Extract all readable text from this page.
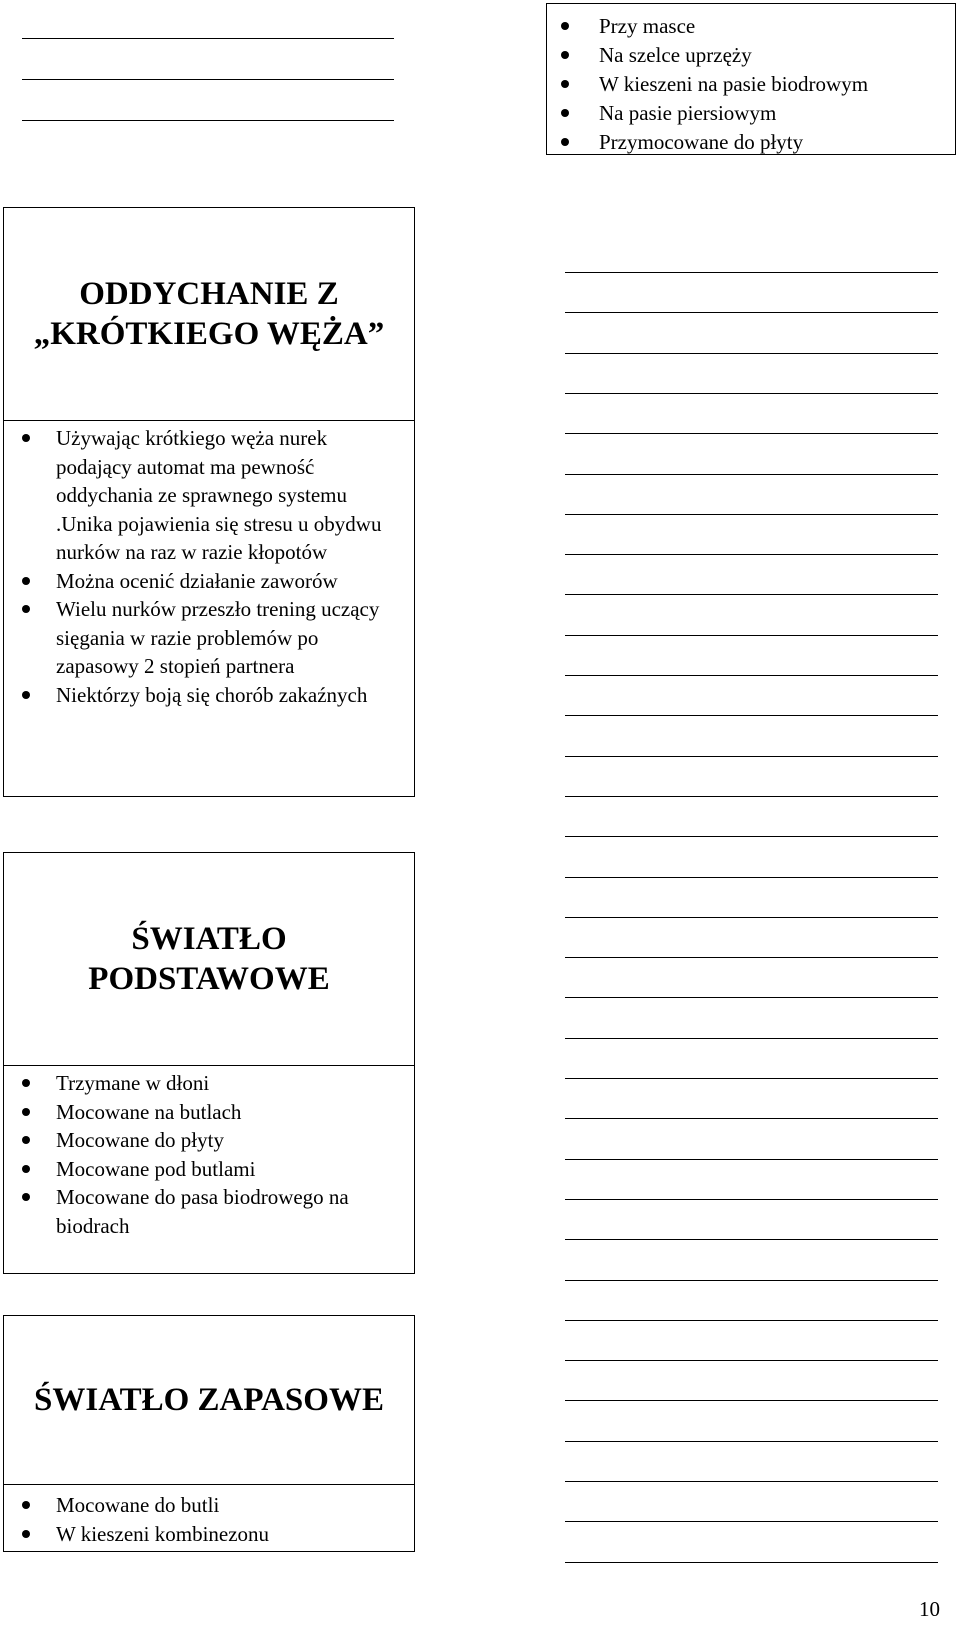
Przy masce
Na szelce uprzęży
W kieszeni na pasie biodrowym
Na pasie piersiowym
Przymocowane do płyty
ODDYCHANIE Z
„KRÓTKIEGO WĘŻA”
Używając krótkiego węża nurek podający automat ma pewność oddychania ze sprawnego systemu .Unika pojawienia się stresu u obydwu nurków na raz w razie kłopotów
Można ocenić działanie zaworów
Wielu nurków przeszło trening uczący sięgania w razie problemów po zapasowy 2 stopień partnera
Niektórzy boją się chorób zakaźnych
ŚWIATŁO
PODSTAWOWE
Trzymane w dłoni
Mocowane na butlach
Mocowane do płyty
Mocowane pod butlami
Mocowane do pasa biodrowego na biodrach
ŚWIATŁO ZAPASOWE
Mocowane do butli
W kieszeni kombinezonu
10
